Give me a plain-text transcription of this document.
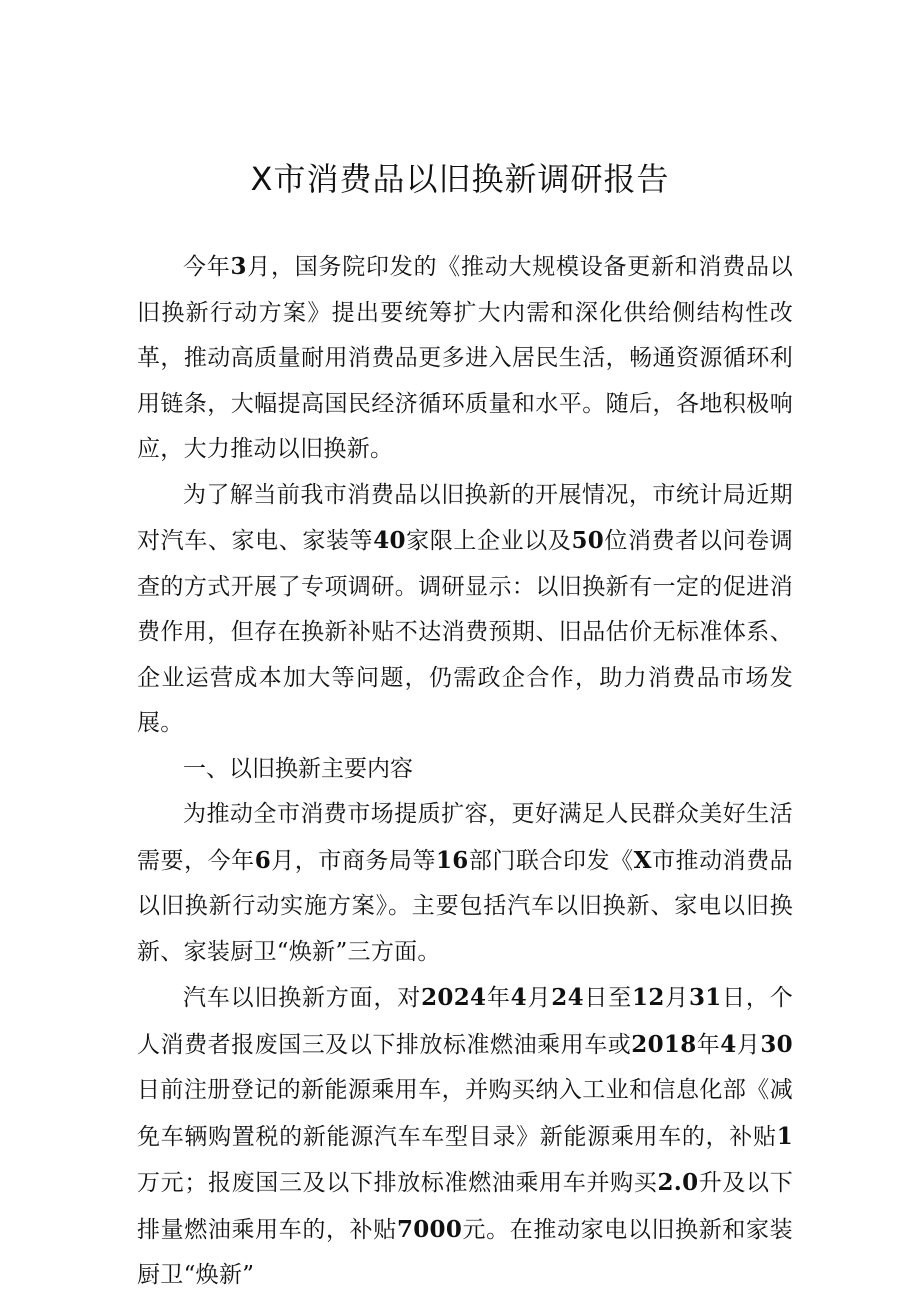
X市消费品以旧换新调研报告

今年3月，国务院印发的《推动大规模设备更新和消费品以旧换新行动方案》提出要统筹扩大内需和深化供给侧结构性改革，推动高质量耐用消费品更多进入居民生活，畅通资源循环利用链条，大幅提高国民经济循环质量和水平。随后，各地积极响应，大力推动以旧换新。

为了解当前我市消费品以旧换新的开展情况，市统计局近期对汽车、家电、家装等40家限上企业以及50位消费者以问卷调查的方式开展了专项调研。调研显示：以旧换新有一定的促进消费作用，但存在换新补贴不达消费预期、旧品估价无标准体系、企业运营成本加大等问题，仍需政企合作，助力消费品市场发展。

一、以旧换新主要内容

为推动全市消费市场提质扩容，更好满足人民群众美好生活需要，今年6月，市商务局等16部门联合印发《X市推动消费品以旧换新行动实施方案》。主要包括汽车以旧换新、家电以旧换新、家装厨卫“焕新”三方面。

汽车以旧换新方面，对2024年4月24日至12月31日，个人消费者报废国三及以下排放标准燃油乘用车或2018年4月30日前注册登记的新能源乘用车，并购买纳入工业和信息化部《减免车辆购置税的新能源汽车车型目录》新能源乘用车的，补贴1万元；报废国三及以下排放标准燃油乘用车并购买2.0升及以下排量燃油乘用车的，补贴7000元。在推动家电以旧换新和家装厨卫“焕新”
